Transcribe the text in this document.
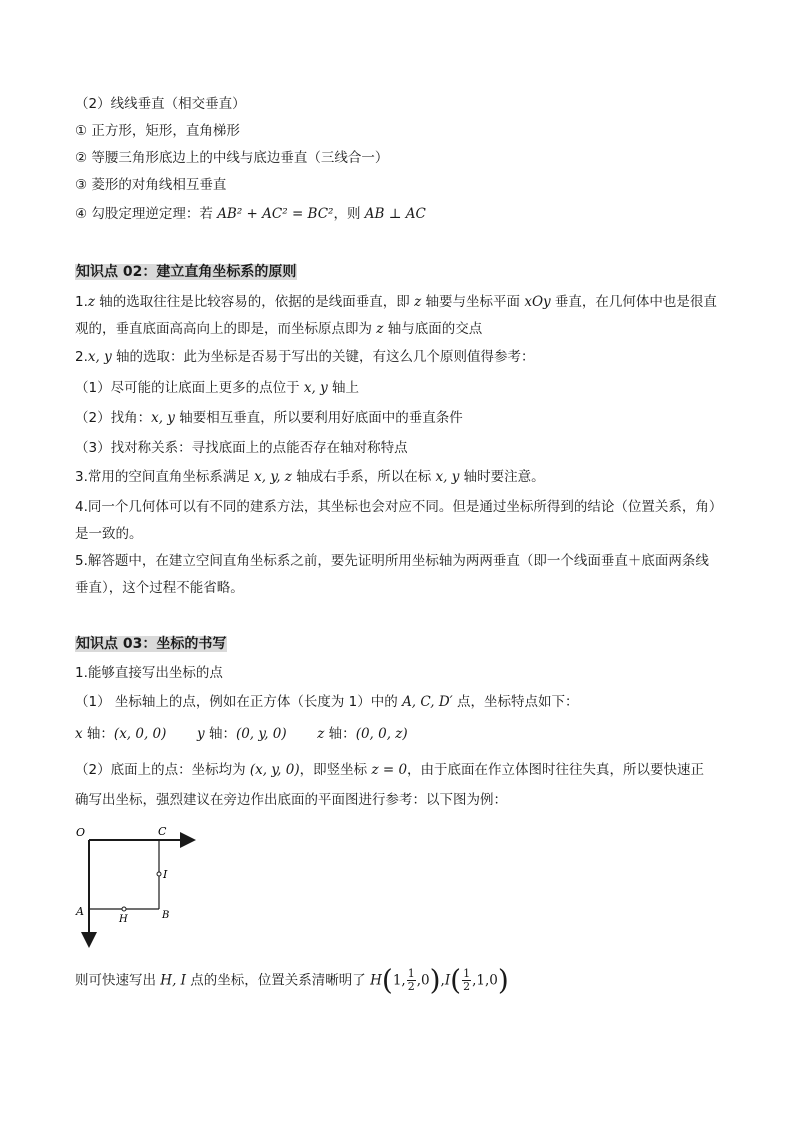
（2）线线垂直（相交垂直）
① 正方形，矩形，直角梯形
② 等腰三角形底边上的中线与底边垂直（三线合一）
③ 菱形的对角线相互垂直
④ 勾股定理逆定理：若 AB² + AC² = BC²，则 AB ⊥ AC
知识点 02：建立直角坐标系的原则
1.z 轴的选取往往是比较容易的，依据的是线面垂直，即 z 轴要与坐标平面 xOy 垂直，在几何体中也是很直
观的，垂直底面高高向上的即是，而坐标原点即为 z 轴与底面的交点
2.x, y 轴的选取：此为坐标是否易于写出的关键，有这么几个原则值得参考：
（1）尽可能的让底面上更多的点位于 x, y 轴上
（2）找角：x, y 轴要相互垂直，所以要利用好底面中的垂直条件
（3）找对称关系：寻找底面上的点能否存在轴对称特点
3.常用的空间直角坐标系满足 x, y, z 轴成右手系，所以在标 x, y 轴时要注意。
4.同一个几何体可以有不同的建系方法，其坐标也会对应不同。但是通过坐标所得到的结论（位置关系，角）
是一致的。
5.解答题中，在建立空间直角坐标系之前，要先证明所用坐标轴为两两垂直（即一个线面垂直＋底面两条线
垂直），这个过程不能省略。
知识点 03：坐标的书写
1.能够直接写出坐标的点
（1） 坐标轴上的点，例如在正方体（长度为 1）中的 A, C, D′ 点，坐标特点如下：
x 轴：(x, 0, 0) y 轴：(0, y, 0) z 轴：(0, 0, z)
（2）底面上的点：坐标均为 (x, y, 0)，即竖坐标 z = 0，由于底面在作立体图时往往失真，所以要快速正
确写出坐标，强烈建议在旁边作出底面的平面图进行参考：以下图为例：
O	C
I
A
H	B
则可快速写出 H, I 点的坐标，位置关系清晰明了 H(1, $\frac{1}{2} ,0),I( \frac{1}{2} ,1,0)$
